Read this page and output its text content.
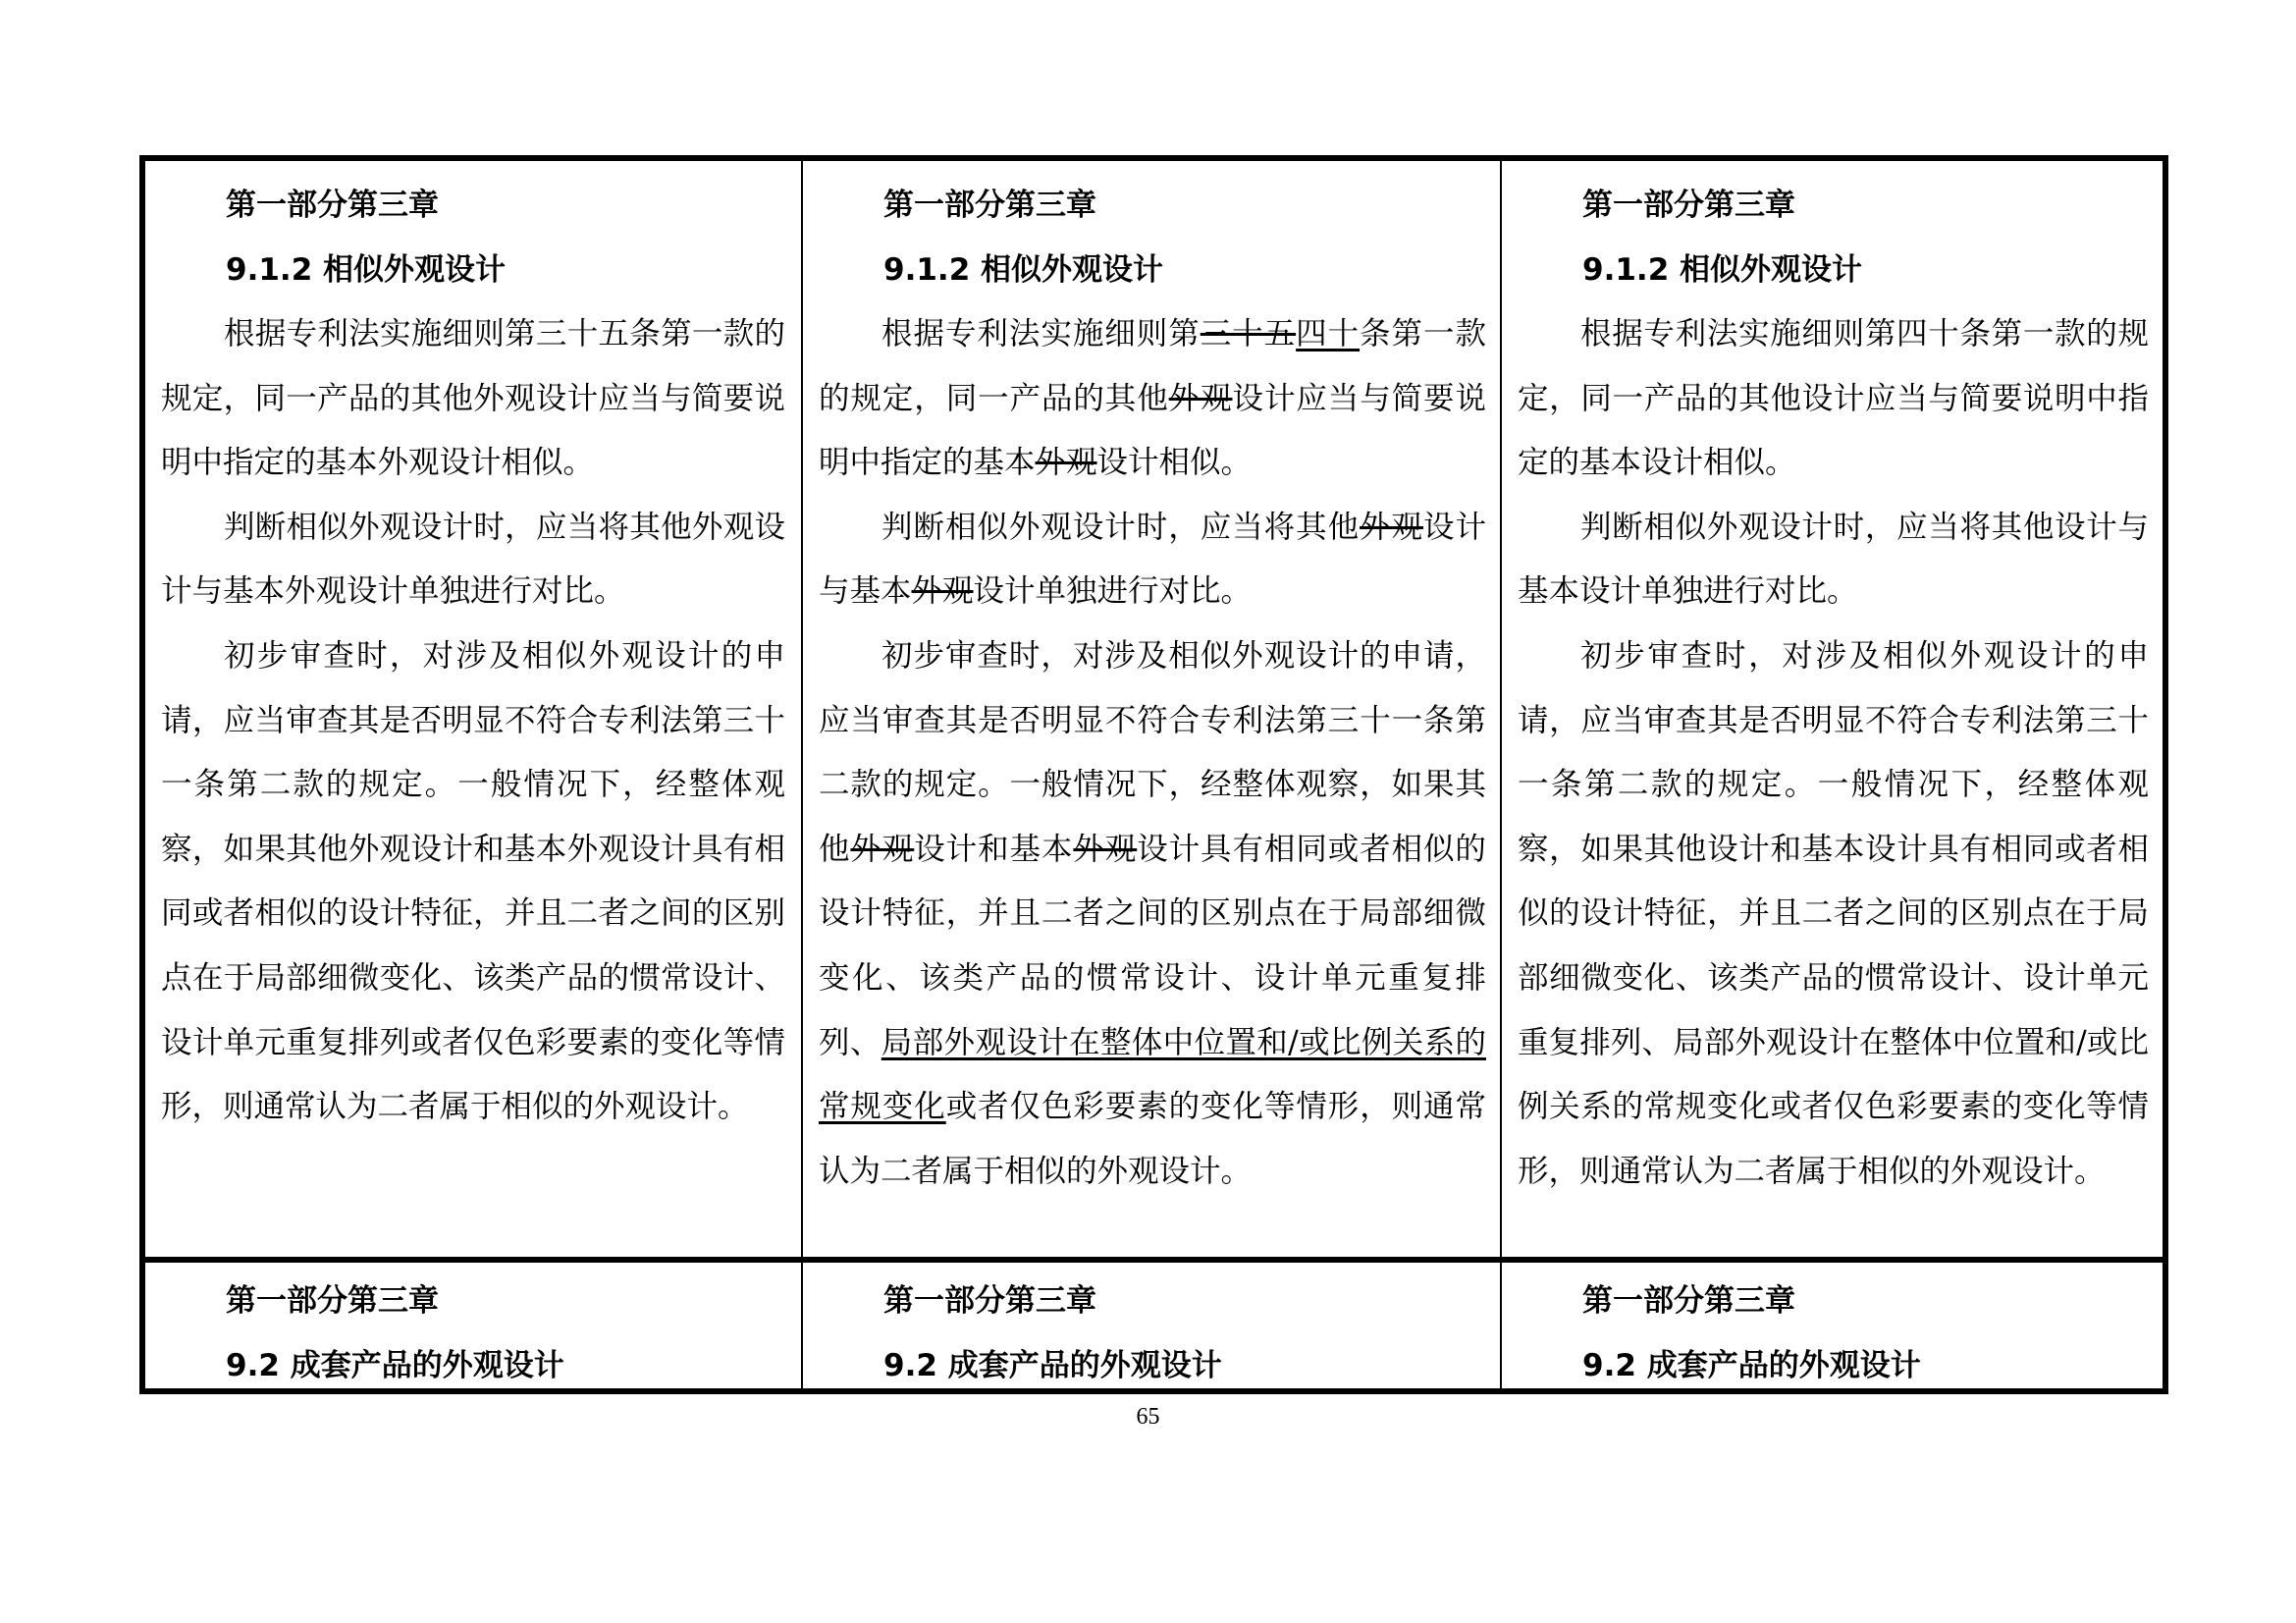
第一部分第三章
9.1.2 相似外观设计

根据专利法实施细则第三十五条第一款的规定，同一产品的其他外观设计应当与简要说明中指定的基本外观设计相似。

判断相似外观设计时，应当将其他外观设计与基本外观设计单独进行对比。

初步审查时，对涉及相似外观设计的申请，应当审查其是否明显不符合专利法第三十一条第二款的规定。一般情况下，经整体观察，如果其他外观设计和基本外观设计具有相同或者相似的设计特征，并且二者之间的区别点在于局部细微变化、该类产品的惯常设计、设计单元重复排列或者仅色彩要素的变化等情形，则通常认为二者属于相似的外观设计。

第一部分第三章
9.1.2 相似外观设计

根据专利法实施细则第三十五四十条第一款的规定，同一产品的其他外观设计应当与简要说明中指定的基本外观设计相似。

判断相似外观设计时，应当将其他外观设计与基本外观设计单独进行对比。

初步审查时，对涉及相似外观设计的申请，应当审查其是否明显不符合专利法第三十一条第二款的规定。一般情况下，经整体观察，如果其他外观设计和基本外观设计具有相同或者相似的设计特征，并且二者之间的区别点在于局部细微变化、该类产品的惯常设计、设计单元重复排列、局部外观设计在整体中位置和/或比例关系的常规变化或者仅色彩要素的变化等情形，则通常认为二者属于相似的外观设计。

第一部分第三章
9.1.2 相似外观设计

根据专利法实施细则第四十条第一款的规定，同一产品的其他设计应当与简要说明中指定的基本设计相似。

判断相似外观设计时，应当将其他设计与基本设计单独进行对比。

初步审查时，对涉及相似外观设计的申请，应当审查其是否明显不符合专利法第三十一条第二款的规定。一般情况下，经整体观察，如果其他设计和基本设计具有相同或者相似的设计特征，并且二者之间的区别点在于局部细微变化、该类产品的惯常设计、设计单元重复排列、局部外观设计在整体中位置和/或比例关系的常规变化或者仅色彩要素的变化等情形，则通常认为二者属于相似的外观设计。

第一部分第三章
9.2 成套产品的外观设计
第一部分第三章
9.2 成套产品的外观设计
第一部分第三章
9.2 成套产品的外观设计
65
